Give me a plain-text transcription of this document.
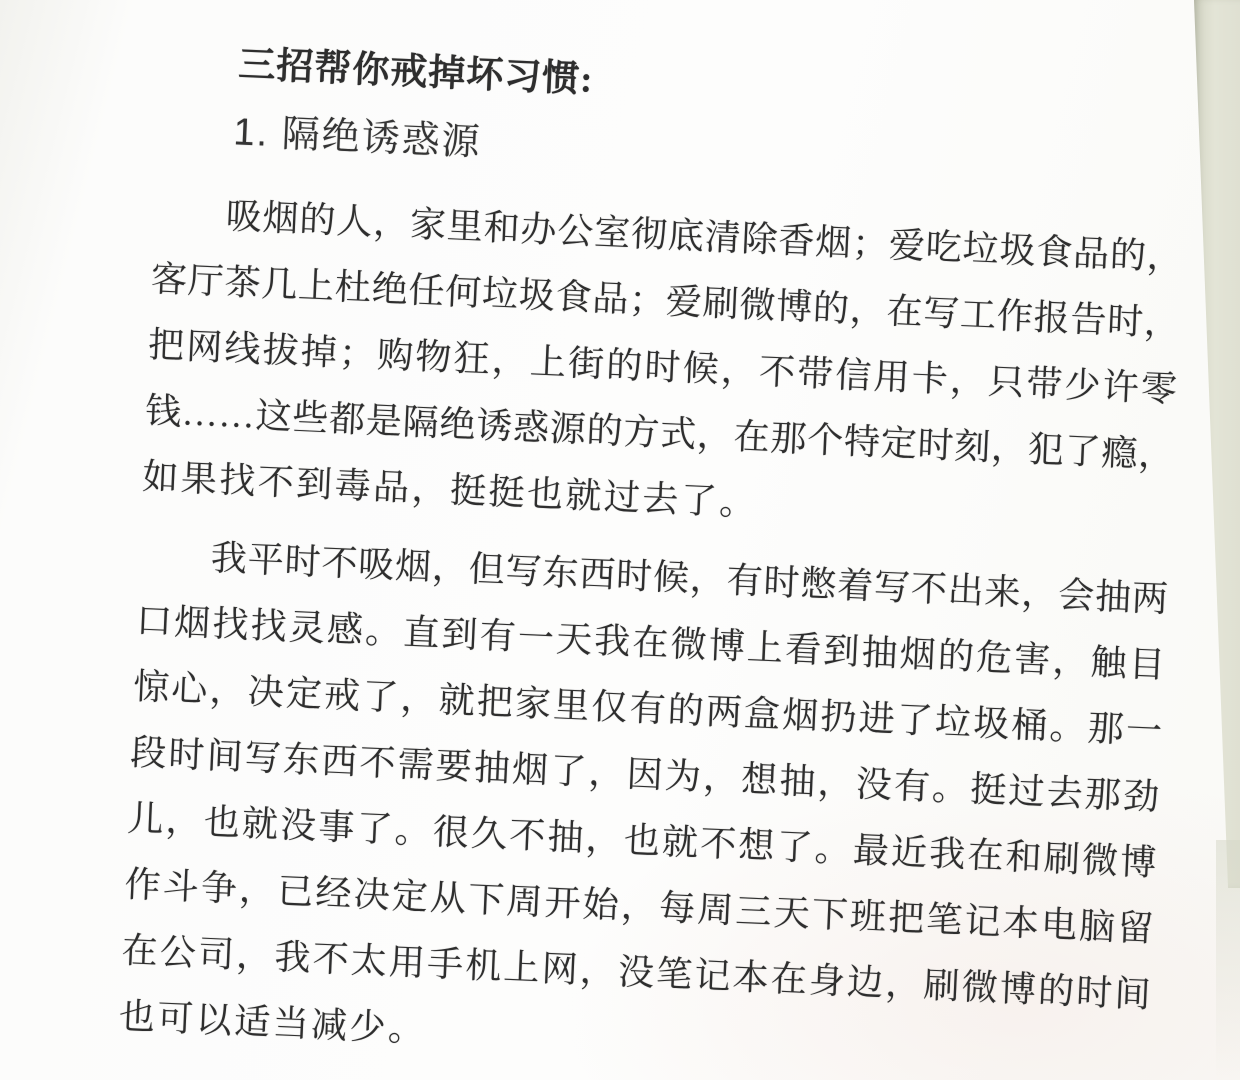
三招帮你戒掉坏习惯:
1. 隔绝诱惑源
吸 烟 的 人 ， 家 里 和 办 公 室 彻 底 清 除 香 烟 ； 爱 吃 垃 圾 食 品 的 ，
客 厅 茶 几 上 杜 绝 任 何 垃 圾 食 品 ； 爱 刷 微 博 的 ， 在 写 工 作 报 告 时 ，
把 网 线 拔 掉 ； 购 物 狂 ， 上 街 的 时 候 ， 不 带 信 用 卡 ， 只 带 少 许 零
钱 … … 这 些 都 是 隔 绝 诱 惑 源 的 方 式 ， 在 那 个 特 定 时 刻 ， 犯 了 瘾 ，
如果找不到毒品，挺挺也就过去了。
我 平 时 不 吸 烟 ， 但 写 东 西 时 候 ， 有 时 憋 着 写 不 出 来 ， 会 抽 两
口 烟 找 找 灵 感 。 直 到 有 一 天 我 在 微 博 上 看 到 抽 烟 的 危 害 ， 触 目
惊 心 ， 决 定 戒 了 ， 就 把 家 里 仅 有 的 两 盒 烟 扔 进 了 垃 圾 桶 。 那 一
段 时 间 写 东 西 不 需 要 抽 烟 了 ， 因 为 ， 想 抽 ， 没 有 。 挺 过 去 那 劲
儿 ， 也 就 没 事 了 。 很 久 不 抽 ， 也 就 不 想 了 。 最 近 我 在 和 刷 微 博
作 斗 争 ， 已 经 决 定 从 下 周 开 始 ， 每 周 三 天 下 班 把 笔 记 本 电 脑 留
在 公 司 ， 我 不 太 用 手 机 上 网 ， 没 笔 记 本 在 身 边 ， 刷 微 博 的 时 间
也可以适当减少。
